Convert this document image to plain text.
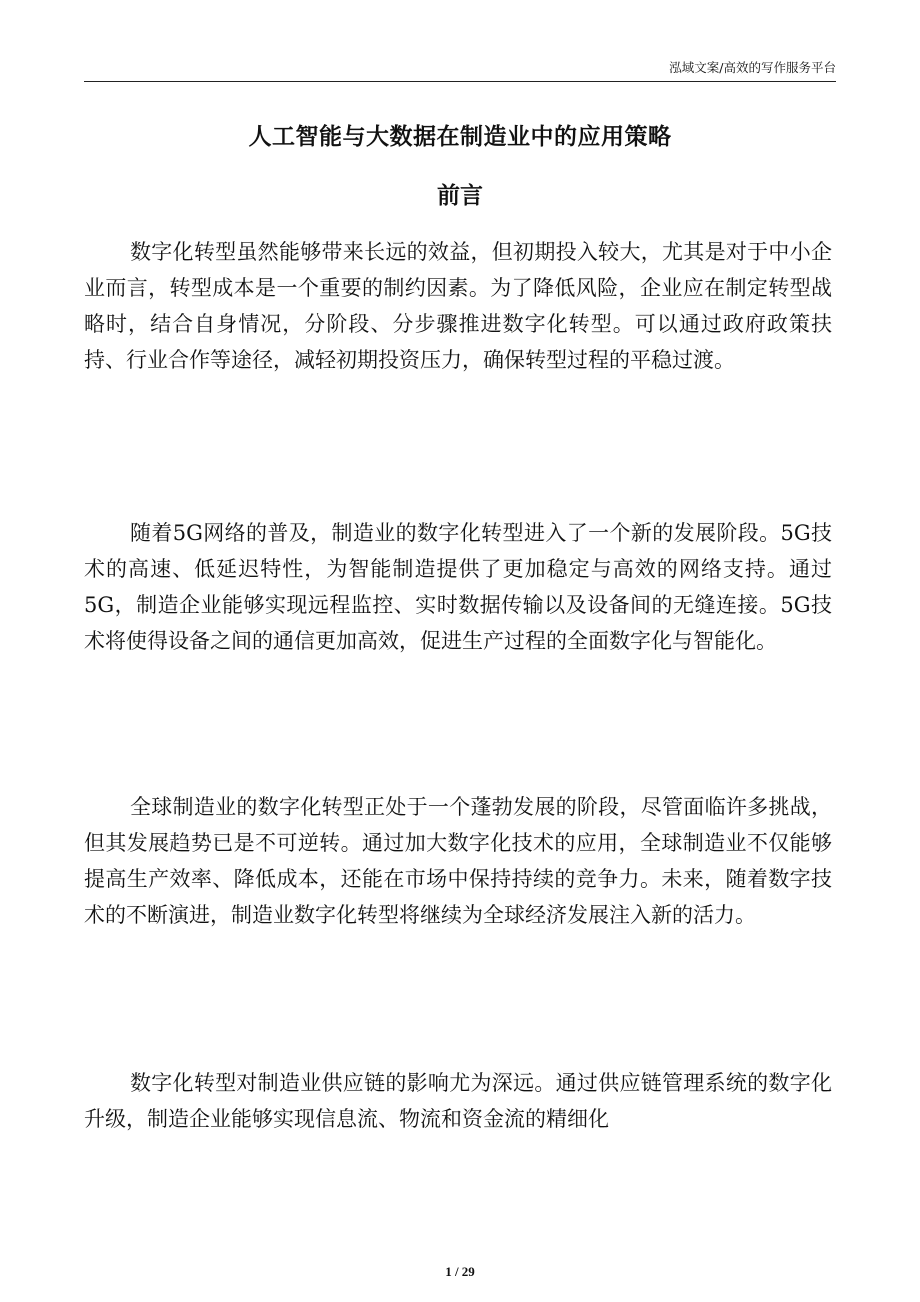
泓域文案/高效的写作服务平台
人工智能与大数据在制造业中的应用策略
前言

数字化转型虽然能够带来长远的效益，但初期投入较大，尤其是对于中小企业而言，转型成本是一个重要的制约因素。为了降低风险，企业应在制定转型战略时，结合自身情况，分阶段、分步骤推进数字化转型。可以通过政府政策扶持、行业合作等途径，减轻初期投资压力，确保转型过程的平稳过渡。

随着5G网络的普及，制造业的数字化转型进入了一个新的发展阶段。5G技术的高速、低延迟特性，为智能制造提供了更加稳定与高效的网络支持。通过5G，制造企业能够实现远程监控、实时数据传输以及设备间的无缝连接。5G技术将使得设备之间的通信更加高效，促进生产过程的全面数字化与智能化。

全球制造业的数字化转型正处于一个蓬勃发展的阶段，尽管面临许多挑战，但其发展趋势已是不可逆转。通过加大数字化技术的应用，全球制造业不仅能够提高生产效率、降低成本，还能在市场中保持持续的竞争力。未来，随着数字技术的不断演进，制造业数字化转型将继续为全球经济发展注入新的活力。

数字化转型对制造业供应链的影响尤为深远。通过供应链管理系统的数字化升级，制造企业能够实现信息流、物流和资金流的精细化

1 / 29
